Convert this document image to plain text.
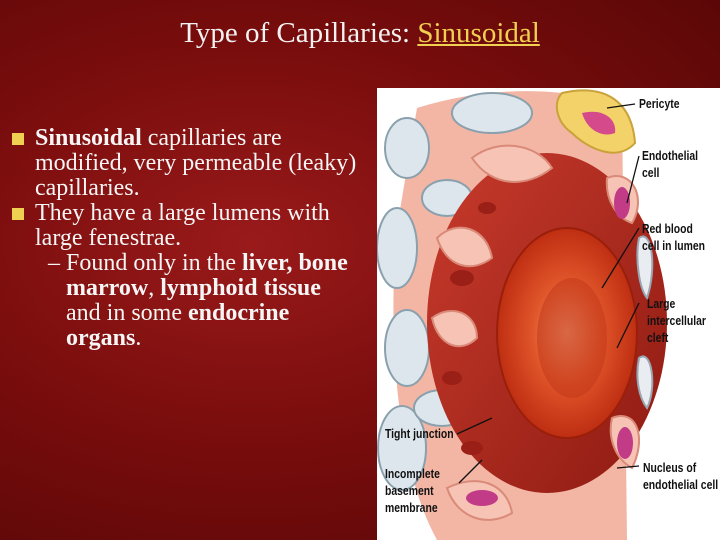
Type of Capillaries: Sinusoidal

Sinusoidal capillaries are modified, very permeable (leaky) capillaries.

They have a large lumens with large fenestrae.

– Found only in the liver, bone marrow, lymphoid tissue and in some endocrine organs.

Pericyte
Endothelial
cell
Red blood
cell in lumen
Large
intercellular
cleft
Tight junction
Incomplete
basement
membrane
Nucleus of
endothelial cell
